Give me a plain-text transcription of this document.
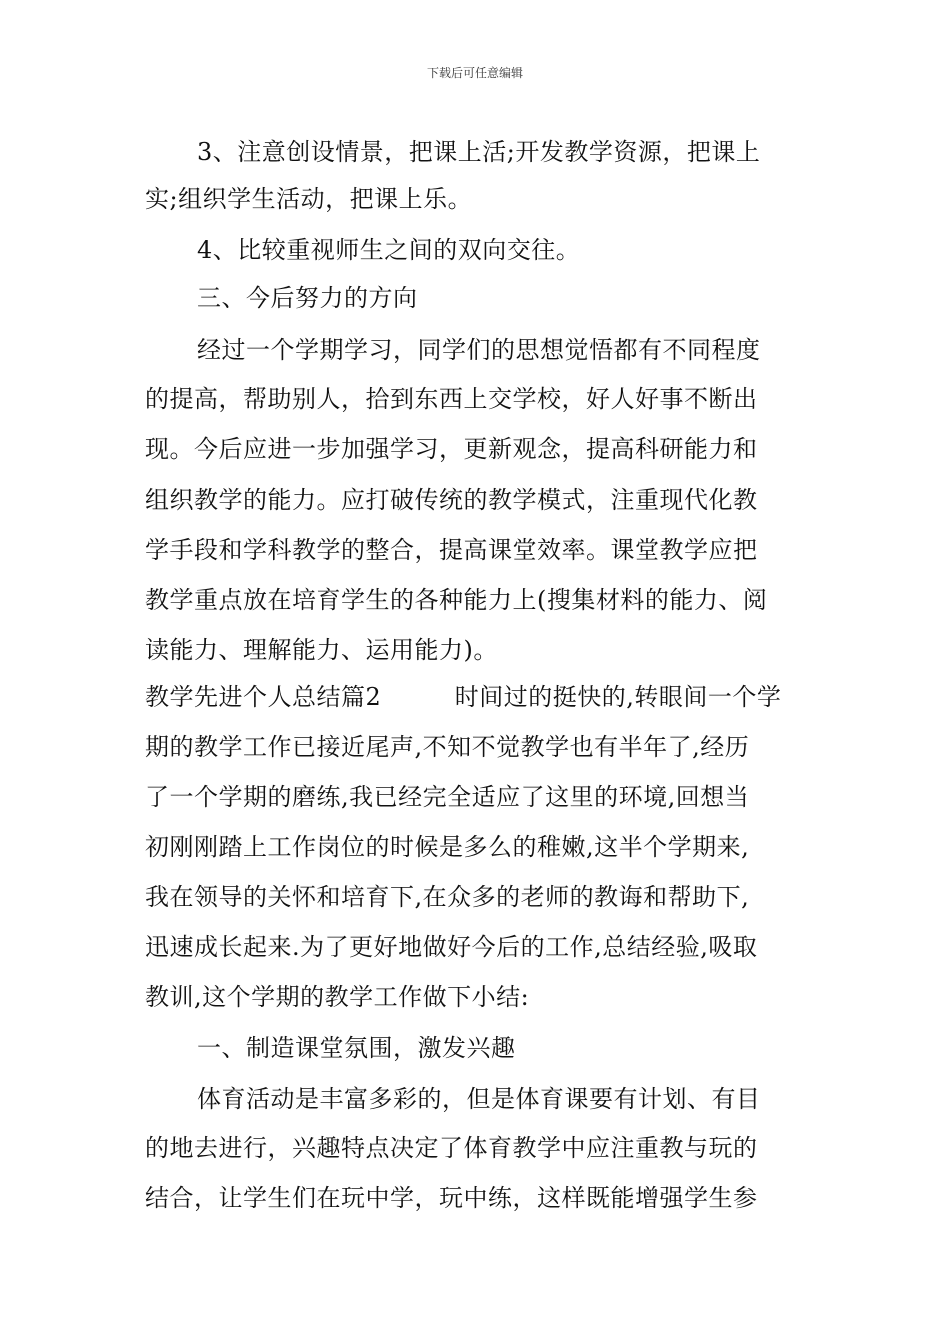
下载后可任意编辑
3、注意创设情景，把课上活;开发教学资源，把课上
实;组织学生活动，把课上乐。
4、比较重视师生之间的双向交往。
三、今后努力的方向
经过一个学期学习，同学们的思想觉悟都有不同程度
的提高，帮助别人，拾到东西上交学校，好人好事不断出
现。今后应进一步加强学习，更新观念，提高科研能力和
组织教学的能力。应打破传统的教学模式，注重现代化教
学手段和学科教学的整合，提高课堂效率。课堂教学应把
教学重点放在培育学生的各种能力上(搜集材料的能力、阅
读能力、理解能力、运用能力)。
教学先进个人总结篇2　　　时间过的挺快的,转眼间一个学
期的教学工作已接近尾声,不知不觉教学也有半年了,经历
了一个学期的磨练,我已经完全适应了这里的环境,回想当
初刚刚踏上工作岗位的时候是多么的稚嫩,这半个学期来,
我在领导的关怀和培育下,在众多的老师的教诲和帮助下,
迅速成长起来.为了更好地做好今后的工作,总结经验,吸取
教训,这个学期的教学工作做下小结:
一、制造课堂氛围，激发兴趣
体育活动是丰富多彩的，但是体育课要有计划、有目
的地去进行，兴趣特点决定了体育教学中应注重教与玩的
结合，让学生们在玩中学，玩中练，这样既能增强学生参
